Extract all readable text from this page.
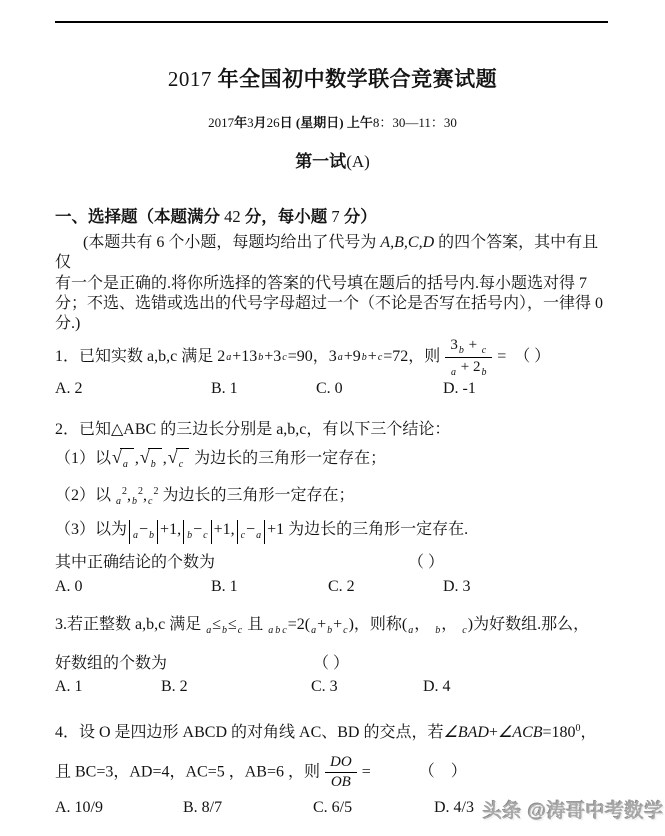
2017 年全国初中数学联合竞赛试题
2017年3月26日 (星期日) 上午8：30—11：30
第一试(A)
一、选择题（本题满分 42 分，每小题 7 分）
(本题共有 6 个小题，每题均给出了代号为 A,B,C,D 的四个答案，其中有且仅
有一个是正确的.将你所选择的答案的代号填在题后的括号内.每小题选对得 7
分；不选、选错或选出的代号字母超过一个（不论是否写在括号内），一律得 0
分.)
1．已知实数 a,b,c 满足 2 a +13 b +3 c =90，3 a +9 b + c =72，则 $\frac{3_b + _c}{_a + 2_b}$ =　（ ）
A. 2	B. 1	C. 0	D. -1
2．已知△ABC 的三边长分别是 a,b,c，有以下三个结论：
（1）以 √ $_a$ , √ $_b$ , √ $_c$ 为边长的三角形一定存在；
（2）以 $_a^2,_b^2,_c^2$ 为边长的三角形一定存在；
（3）以为 $_a-_b +1$, $_b-_c +1$, $_c-_a +1$ 为边长的三角形一定存在.
其中正确结论的个数为	（ ）
A. 0	B. 1	C. 2	D. 3
3.若正整数 a,b,c 满足 $_a\le_b\le_c$ 且 $_a$ $_b$ $_c=2(_a+_b+_c)$，则称($_a$， $_b$， $_c$)为好数组.那么，
好数组的个数为	（ ）
A. 1	B. 2	C. 3	D. 4
4．设 O 是四边形 ABCD 的对角线 AC、BD 的交点，若$\angle BAD+\angle ACB=180^0$，
且 BC=3，AD=4，AC=5 ，AB=6 ，则 $\frac{DO}{OB}$ =	（　）
A. 10/9	B. 8/7	C. 6/5	D. 4/3 头条 @涛哥中考数学
